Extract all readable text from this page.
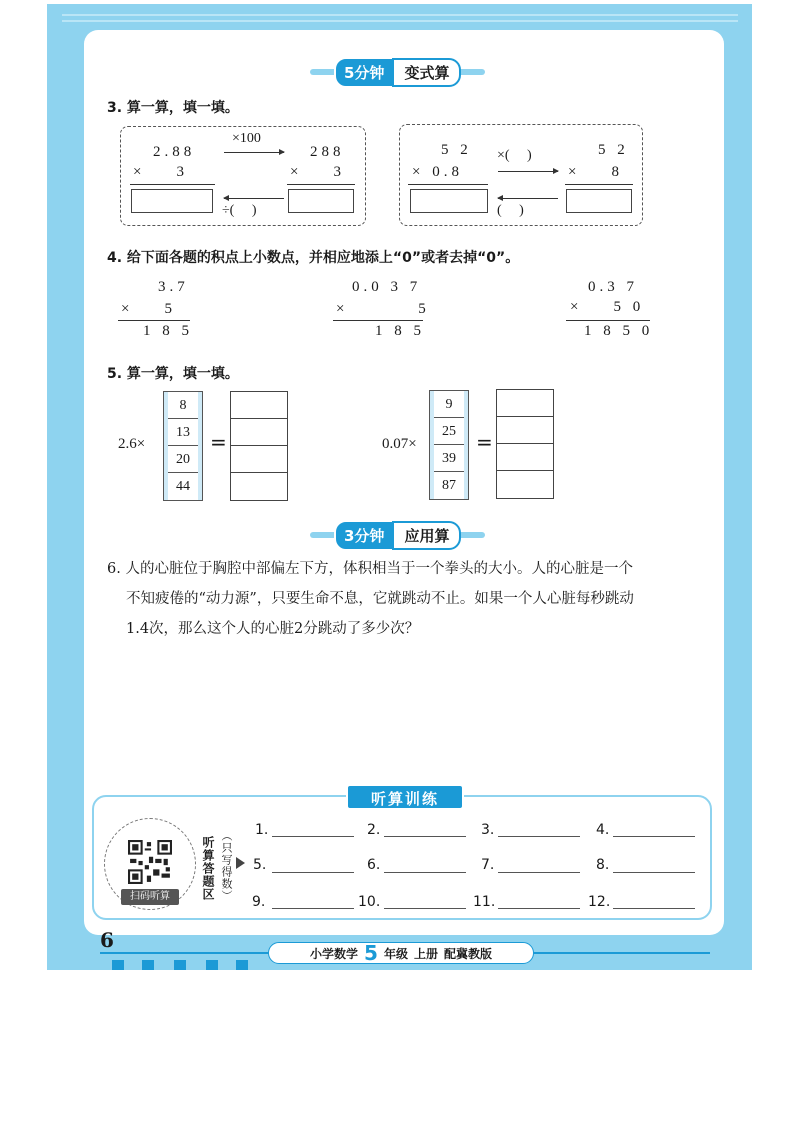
5分钟	变式算
3. 算一算，填一填。
2.88
×    3
×100
÷(     )
288
×    3
5 2
× 0.8
×(     )
(     )
5 2
×    8
4. 给下面各题的积点上小数点，并相应地添上“0”或者去掉“0”。
3.7
×    5
1 8 5
0.0 3 7
×         5
1 8 5
0.3 7
×    5 0
1 8 5 0
5. 算一算，填一填。
2.6×
8
13
20
44
=	0.07×
9
25
39
87
=
3分钟	应用算
6. 人的心脏位于胸腔中部偏左下方，体积相当于一个拳头的大小。人的心脏是一个
不知疲倦的“动力源”，只要生命不息，它就跳动不止。如果一个人心脏每秒跳动
1.4次，那么这个人的心脏2分跳动了多少次？
听算训练
扫码听算	听算答题区 （只写得数） 1.	2.	3.	4.
5.	6.	7.	8.
9.	10.	11.	12.
6
小学数学 5 年级 上册 配冀教版
